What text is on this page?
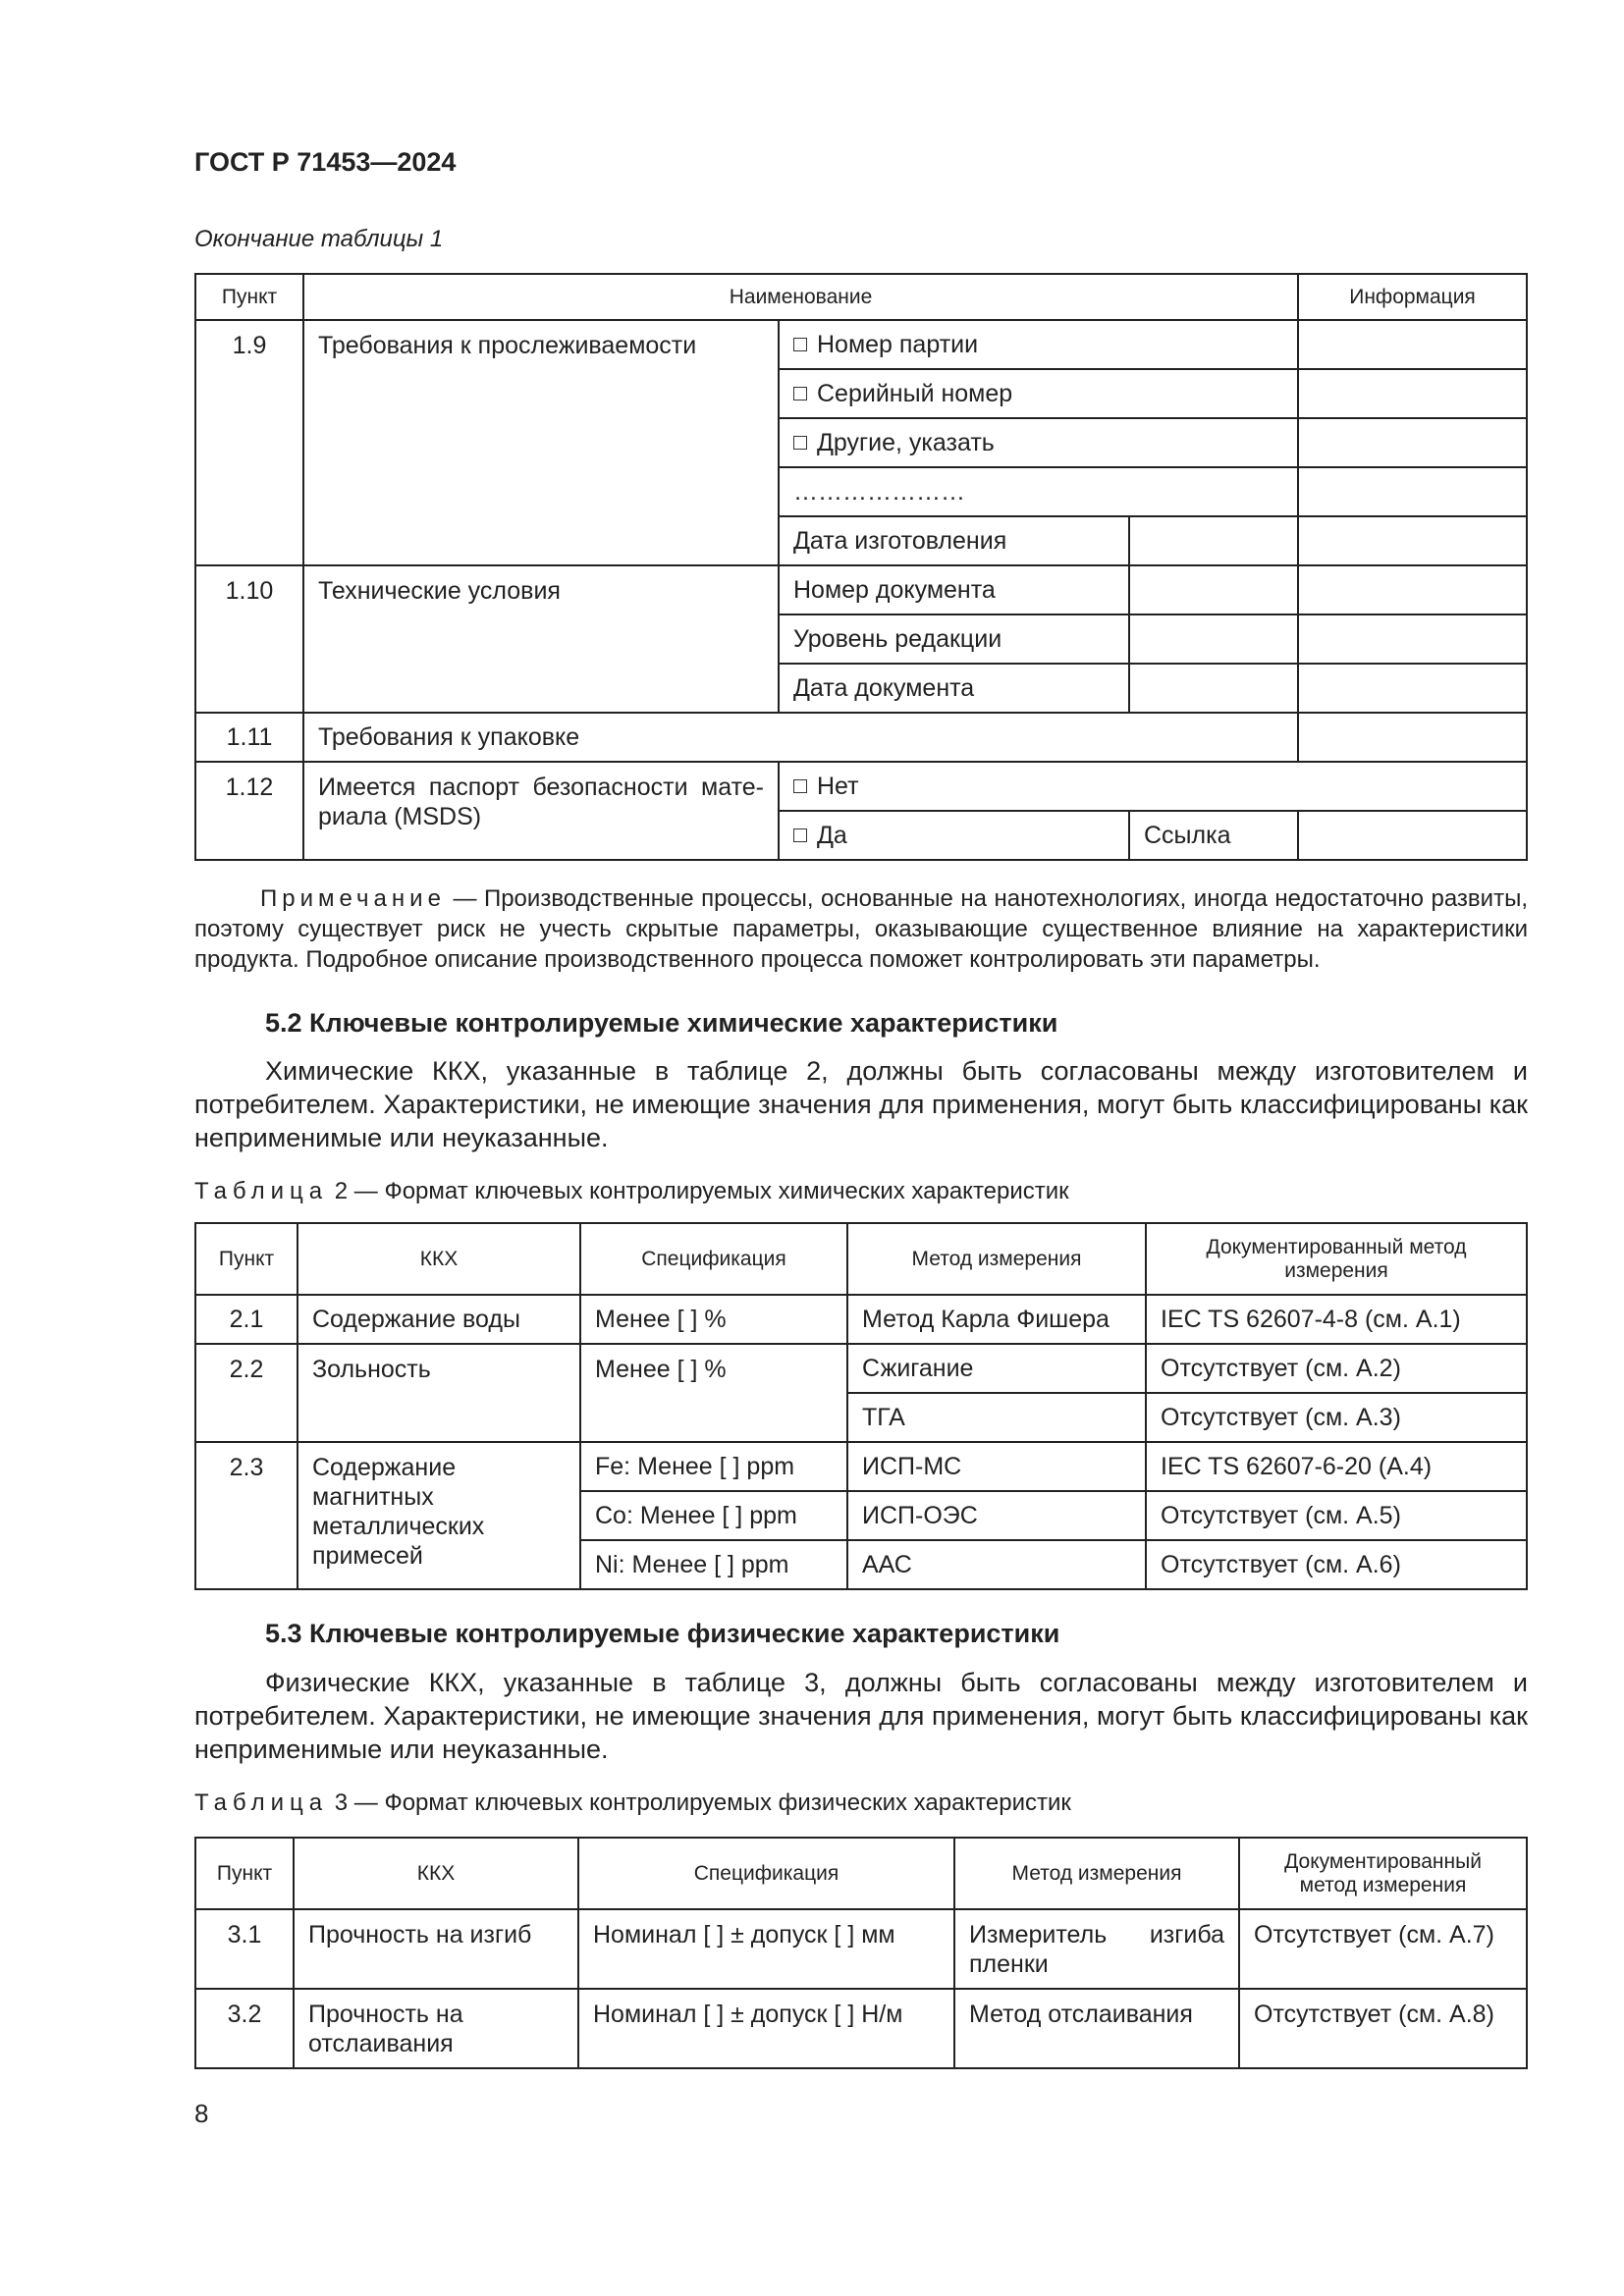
ГОСТ Р 71453—2024
Окончание таблицы 1
Пункт	Наименование			Информация
1.9	Требования к прослеживаемости	Номер партии		
		Серийный номер		
		Другие, указать		
		…………………		
		Дата изготовления		
1.10	Технические условия	Номер документа		
		Уровень редакции		
		Дата документа		
1.11	Требования к упаковке			
1.12	Имеется паспорт безопасности мате-риала (MSDS)	Нет		
		Да	Ссылка	
Примечание — Производственные процессы, основанные на нанотехнологиях, иногда недостаточно развиты, поэтому существует риск не учесть скрытые параметры, оказывающие существенное влияние на характеристики продукта. Подробное описание производственного процесса поможет контролировать эти параметры.
5.2 Ключевые контролируемые химические характеристики
Химические ККХ, указанные в таблице 2, должны быть согласованы между изготовителем и потребителем. Характеристики, не имеющие значения для применения, могут быть классифицированы как неприменимые или неуказанные.
Таблица 2 — Формат ключевых контролируемых химических характеристик
Пункт	ККХ	Спецификация	Метод измерения	Документированный метод измерения
2.1	Содержание воды	Менее [ ] %	Метод Карла Фишера	IEC TS 62607-4-8 (см. А.1)
2.2	Зольность	Менее [ ] %	Сжигание	Отсутствует (см. А.2)
			ТГА	Отсутствует (см. А.3)
2.3	Содержание магнитных металлических примесей	Fe: Менее [ ] ppm	ИСП-МС	IEC TS 62607-6-20 (А.4)
		Co: Менее [ ] ppm	ИСП-ОЭС	Отсутствует (см. А.5)
		Ni: Менее [ ] ppm	ААС	Отсутствует (см. А.6)
5.3 Ключевые контролируемые физические характеристики
Физические ККХ, указанные в таблице 3, должны быть согласованы между изготовителем и потребителем. Характеристики, не имеющие значения для применения, могут быть классифицированы как неприменимые или неуказанные.
Таблица 3 — Формат ключевых контролируемых физических характеристик
Пункт	ККХ	Спецификация	Метод измерения	Документированный метод измерения
3.1	Прочность на изгиб	Номинал [ ] ± допуск [ ] мм	Измеритель изгиба пленки	Отсутствует (см. А.7)
3.2	Прочность на отслаивания	Номинал [ ] ± допуск [ ] Н/м	Метод отслаивания	Отсутствует (см. А.8)
8
